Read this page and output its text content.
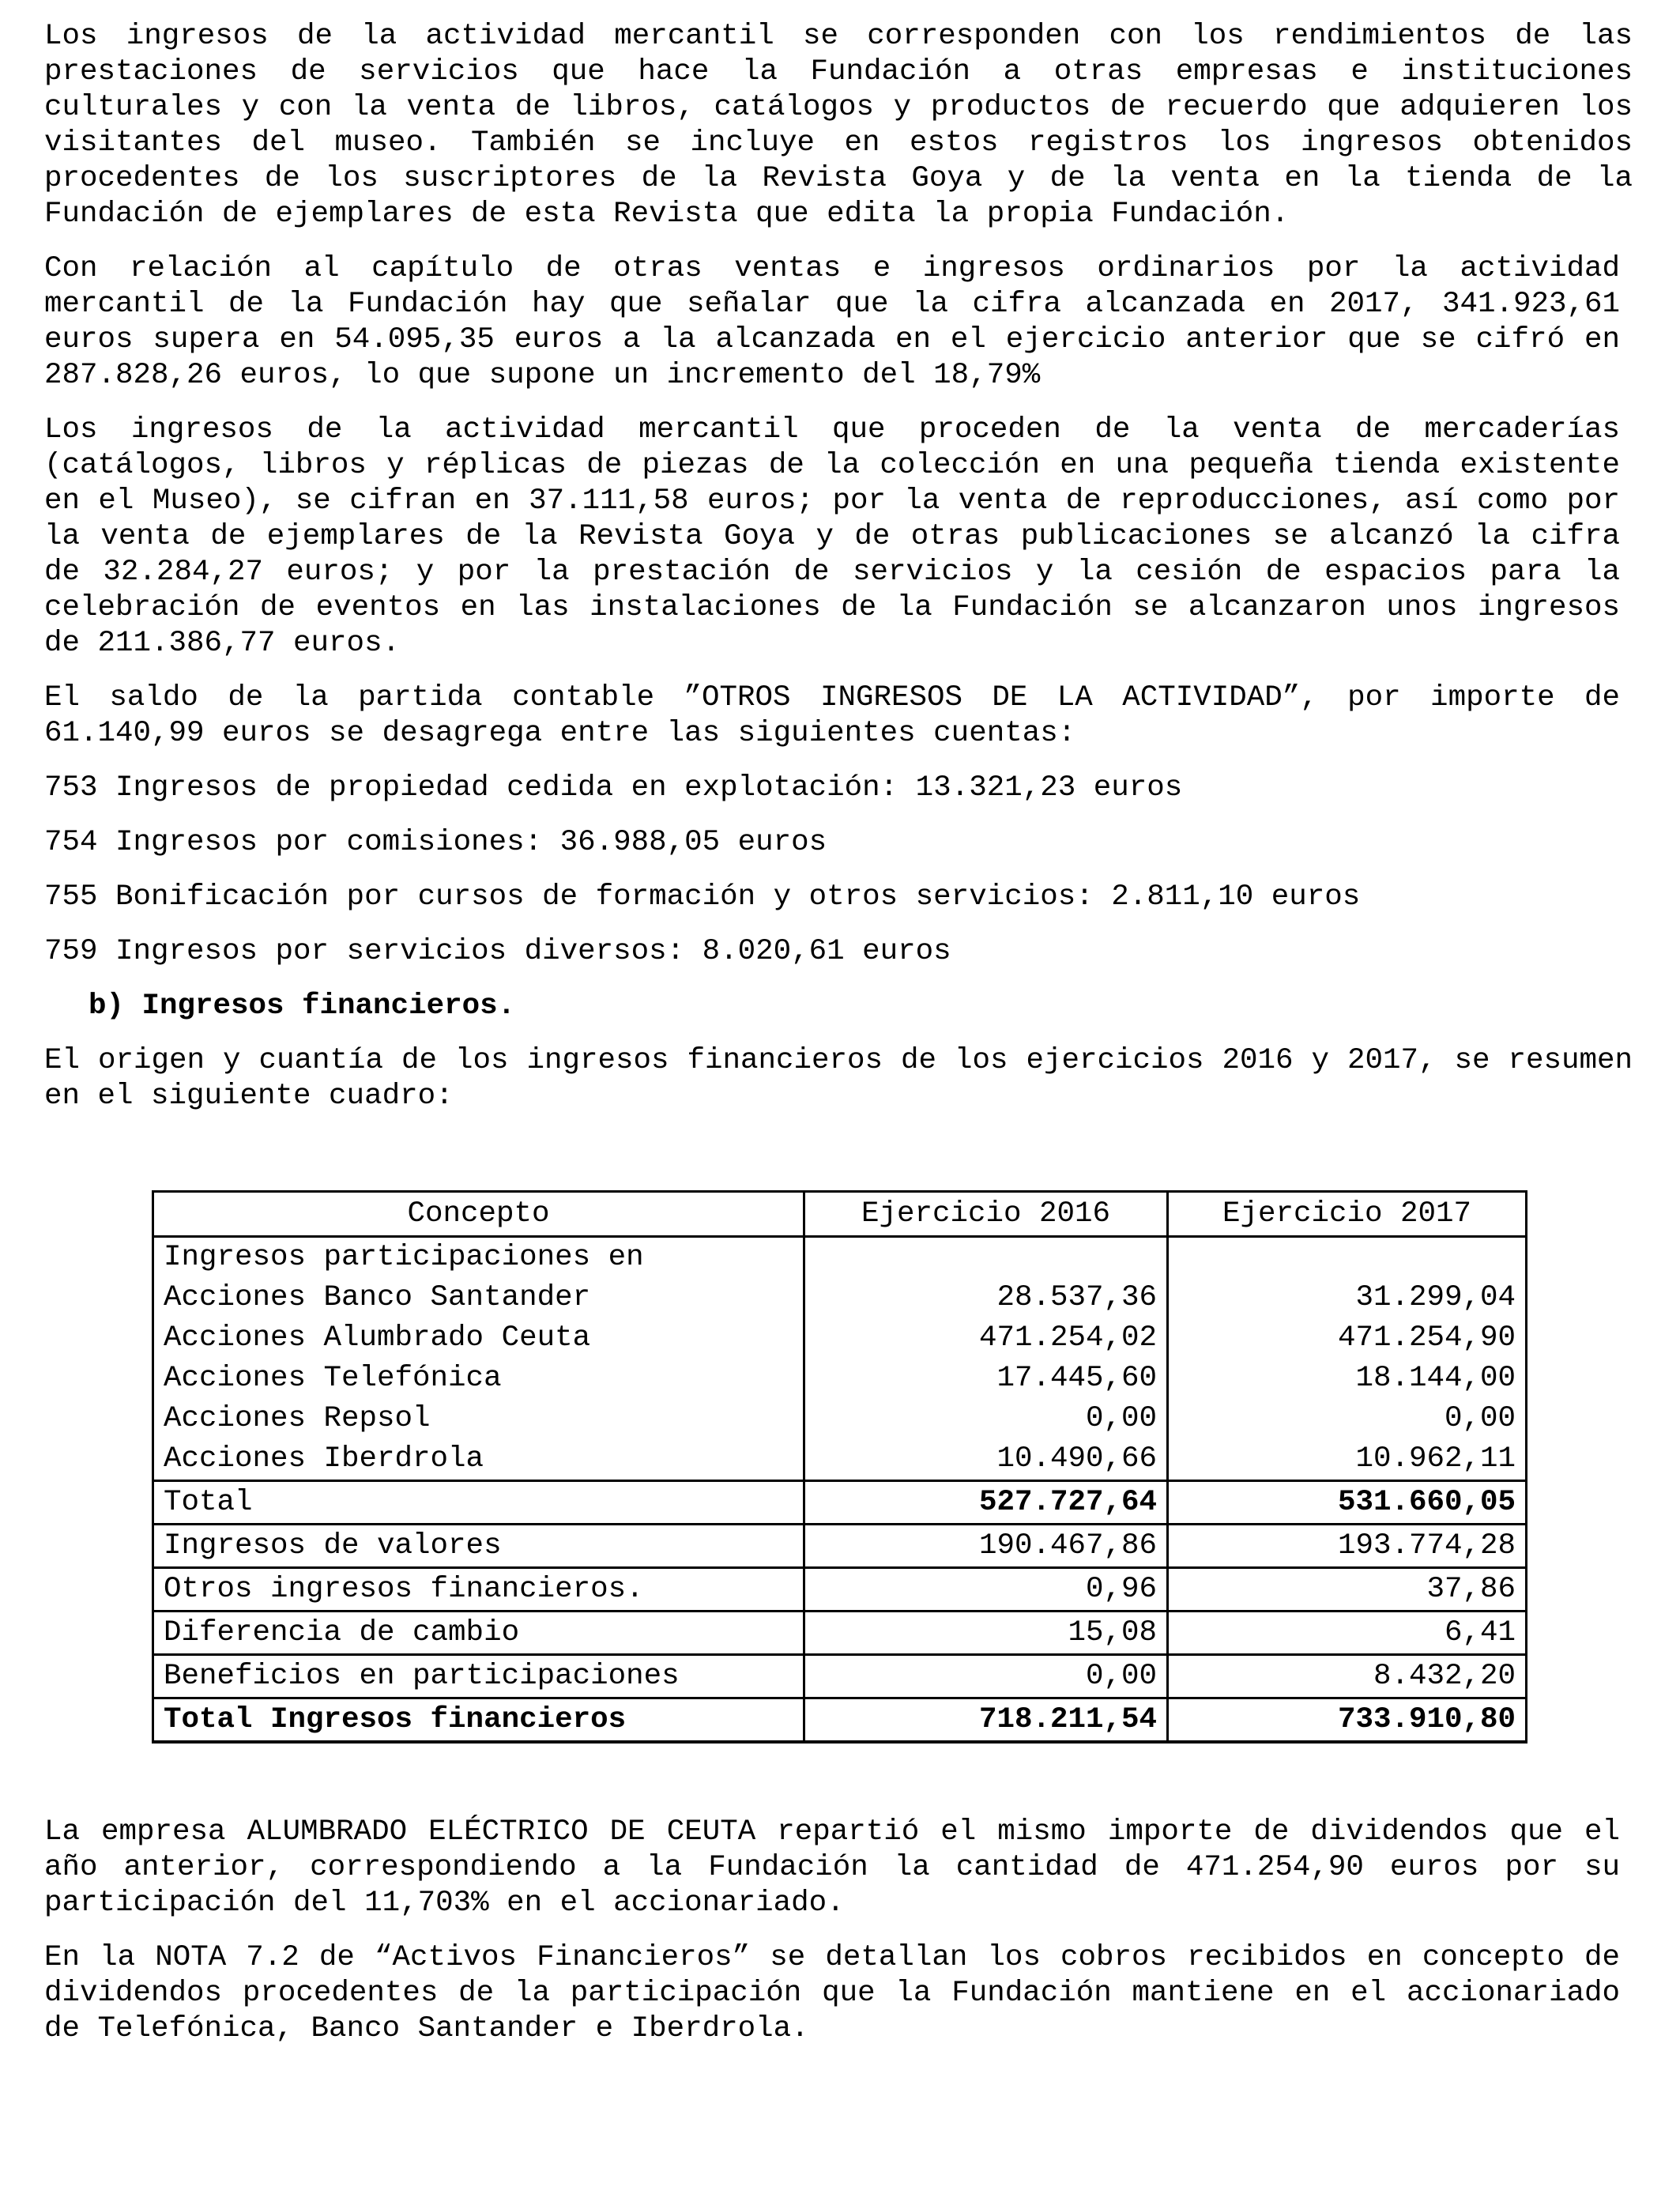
Los ingresos de la actividad mercantil se corresponden con los rendimientos de las prestaciones de servicios que hace la Fundación a otras empresas e instituciones culturales y con la venta de libros, catálogos y productos de recuerdo que adquieren los visitantes del museo. También se incluye en estos registros los ingresos obtenidos procedentes de los suscriptores de la Revista Goya y de la venta en la tienda de la Fundación de ejemplares de esta Revista que edita la propia Fundación.

Con relación al capítulo de otras ventas e ingresos ordinarios por la actividad mercantil de la Fundación hay que señalar que la cifra alcanzada en 2017, 341.923,61 euros supera en 54.095,35 euros a la alcanzada en el ejercicio anterior que se cifró en 287.828,26 euros, lo que supone un incremento del 18,79%

Los ingresos de la actividad mercantil que proceden de la venta de mercaderías (catálogos, libros y réplicas de piezas de la colección en una pequeña tienda existente en el Museo), se cifran en 37.111,58 euros; por la venta de reproducciones, así como por la venta de ejemplares de la Revista Goya y de otras publicaciones se alcanzó la cifra de 32.284,27 euros; y por la prestación de servicios y la cesión de espacios para la celebración de eventos en las instalaciones de la Fundación se alcanzaron unos ingresos de 211.386,77 euros.

El saldo de la partida contable ”OTROS INGRESOS DE LA ACTIVIDAD”, por importe de 61.140,99 euros se desagrega entre las siguientes cuentas:

753 Ingresos de propiedad cedida en explotación: 13.321,23 euros

754 Ingresos por comisiones: 36.988,05 euros

755 Bonificación por cursos de formación y otros servicios: 2.811,10 euros

759 Ingresos por servicios diversos: 8.020,61 euros

b) Ingresos financieros.

El origen y cuantía de los ingresos financieros de los ejercicios 2016 y 2017, se resumen en el siguiente cuadro:

Concepto	Ejercicio 2016	Ejercicio 2017
Ingresos participaciones en		
Acciones Banco Santander	28.537,36	31.299,04
Acciones Alumbrado Ceuta	471.254,02	471.254,90
Acciones Telefónica	17.445,60	18.144,00
Acciones Repsol	0,00	0,00
Acciones Iberdrola	10.490,66	10.962,11
Total	527.727,64	531.660,05
Ingresos de valores	190.467,86	193.774,28
Otros ingresos financieros.	0,96	37,86
Diferencia de cambio	15,08	6,41
Beneficios en participaciones	0,00	8.432,20
Total Ingresos financieros	718.211,54	733.910,80

La empresa ALUMBRADO ELÉCTRICO DE CEUTA repartió el mismo importe de dividendos que el año anterior, correspondiendo a la Fundación la cantidad de 471.254,90 euros por su participación del 11,703% en el accionariado.

En la NOTA 7.2 de “Activos Financieros” se detallan los cobros recibidos en concepto de dividendos procedentes de la participación que la Fundación mantiene en el accionariado de Telefónica, Banco Santander e Iberdrola.
